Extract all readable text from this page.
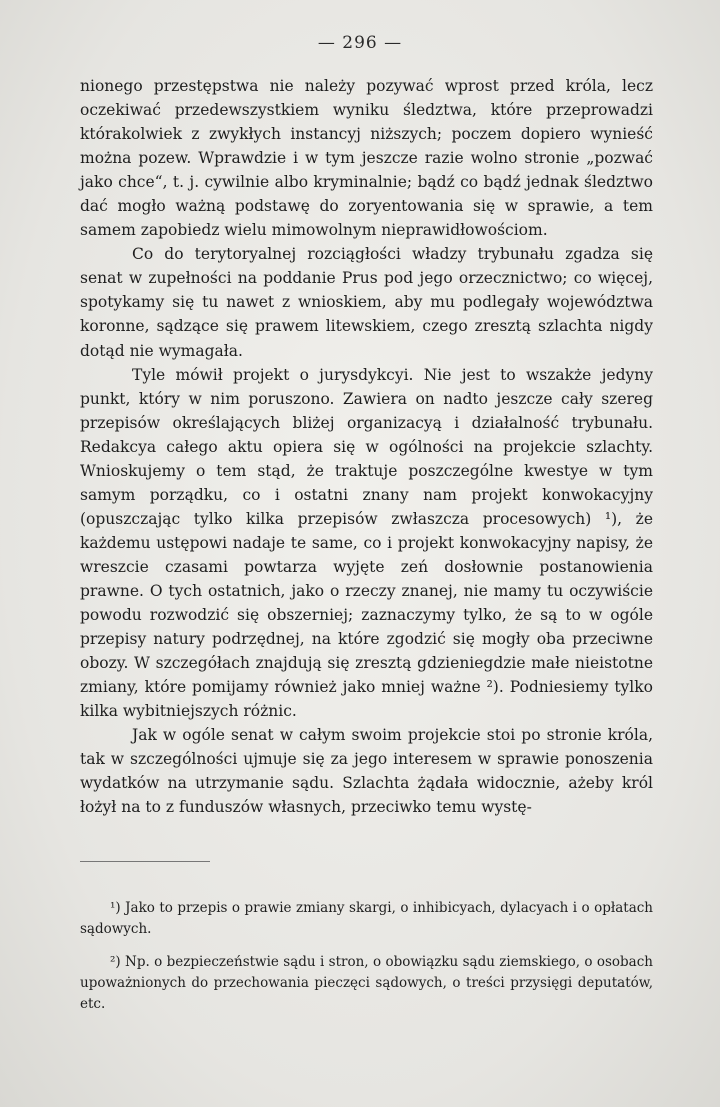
— 296 —

nionego przestępstwa nie należy pozywać wprost przed króla, lecz oczekiwać przedewszystkiem wyniku śledztwa, które przeprowadzi którakolwiek z zwykłych instancyj niższych; poczem dopiero wynieść można pozew. Wprawdzie i w tym jeszcze razie wolno stronie „pozwać jako chce“, t. j. cywilnie albo kryminalnie; bądź co bądź jednak śledztwo dać mogło ważną podstawę do zoryentowania się w sprawie, a tem samem zapobiedz wielu mimowolnym nieprawidłowościom.

Co do terytoryalnej rozciągłości władzy trybunału zgadza się senat w zupełności na poddanie Prus pod jego orzecznictwo; co więcej, spotykamy się tu nawet z wnioskiem, aby mu podlegały województwa koronne, sądzące się prawem litewskiem, czego zresztą szlachta nigdy dotąd nie wymagała.

Tyle mówił projekt o jurysdykcyi. Nie jest to wszakże jedyny punkt, który w nim poruszono. Zawiera on nadto jeszcze cały szereg przepisów określających bliżej organizacyą i działalność trybunału. Redakcya całego aktu opiera się w ogólności na projekcie szlachty. Wnioskujemy o tem stąd, że traktuje poszczególne kwestye w tym samym porządku, co i ostatni znany nam projekt konwokacyjny (opuszczając tylko kilka przepisów zwłaszcza procesowych) ¹), że każdemu ustępowi nadaje te same, co i projekt konwokacyjny napisy, że wreszcie czasami powtarza wyjęte zeń dosłownie postanowienia prawne. O tych ostatnich, jako o rzeczy znanej, nie mamy tu oczywiście powodu rozwodzić się obszerniej; zaznaczymy tylko, że są to w ogóle przepisy natury podrzędnej, na które zgodzić się mogły oba przeciwne obozy. W szczegółach znajdują się zresztą gdzieniegdzie małe nieistotne zmiany, które pomijamy również jako mniej ważne ²). Podniesiemy tylko kilka wybitniejszych różnic.

Jak w ogóle senat w całym swoim projekcie stoi po stronie króla, tak w szczególności ujmuje się za jego interesem w sprawie ponoszenia wydatków na utrzymanie sądu. Szlachta żądała widocznie, ażeby król łożył na to z funduszów własnych, przeciwko temu wystę-

¹) Jako to przepis o prawie zmiany skargi, o inhibicyach, dylacyach i o opłatach sądowych.

²) Np. o bezpieczeństwie sądu i stron, o obowiązku sądu ziemskiego, o osobach upoważnionych do przechowania pieczęci sądowych, o treści przysięgi deputatów, etc.
